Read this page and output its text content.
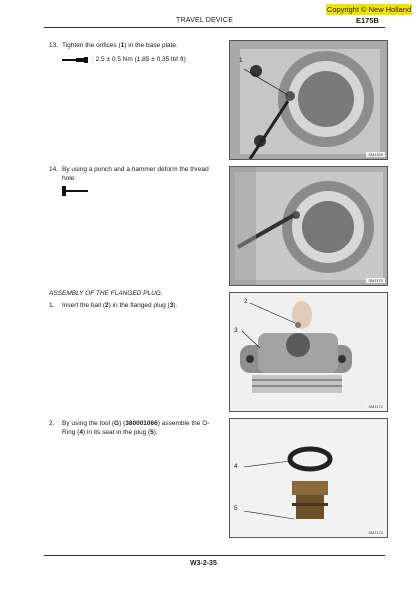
Copyright © New Holland
TRAVEL DEVICE	E175B
13. Tighten the orifices (1) in the base plate.
: 2.5 ± 0.5 Nm (1.85 ± 0.35 lbf·ft)	1
SM1169
14. By using a punch and a hammer deform the thread hole.
SM1170
ASSEMBLY OF THE FLANGED PLUG.
1. Insert the ball (2) in the flanged plug (3).
2
3
SM1171
2. By using the tool (G) (380001066) assemble the O-Ring (4) in its seat in the plug (5).
4
5
SM1172
W3-2-35
